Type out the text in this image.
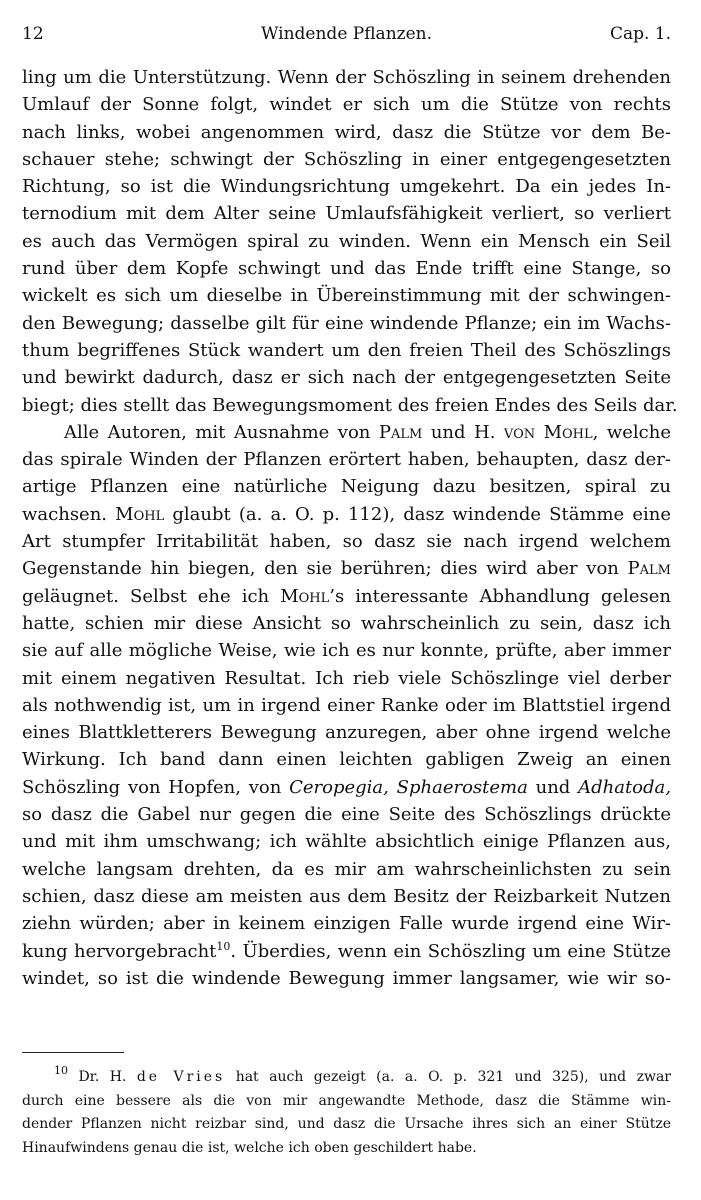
12	Windende Pflanzen.	Cap. 1.
ling um die Unterstützung. Wenn der Schöszling in seinem drehenden
Umlauf der Sonne folgt, windet er sich um die Stütze von rechts
nach links, wobei angenommen wird, dasz die Stütze vor dem Be-
schauer stehe; schwingt der Schöszling in einer entgegengesetzten
Richtung, so ist die Windungsrichtung umgekehrt. Da ein jedes In-
ternodium mit dem Alter seine Umlaufsfähigkeit verliert, so verliert
es auch das Vermögen spiral zu winden. Wenn ein Mensch ein Seil
rund über dem Kopfe schwingt und das Ende trifft eine Stange, so
wickelt es sich um dieselbe in Übereinstimmung mit der schwingen-
den Bewegung; dasselbe gilt für eine windende Pflanze; ein im Wachs-
thum begriffenes Stück wandert um den freien Theil des Schöszlings
und bewirkt dadurch, dasz er sich nach der entgegengesetzten Seite
biegt; dies stellt das Bewegungsmoment des freien Endes des Seils dar.
Alle Autoren, mit Ausnahme von Palm und H. von Mohl, welche
das spirale Winden der Pflanzen erörtert haben, behaupten, dasz der-
artige Pflanzen eine natürliche Neigung dazu besitzen, spiral zu
wachsen. Mohl glaubt (a. a. O. p. 112), dasz windende Stämme eine
Art stumpfer Irritabilität haben, so dasz sie nach irgend welchem
Gegenstande hin biegen, den sie berühren; dies wird aber von Palm
geläugnet. Selbst ehe ich Mohl’s interessante Abhandlung gelesen
hatte, schien mir diese Ansicht so wahrscheinlich zu sein, dasz ich
sie auf alle mögliche Weise, wie ich es nur konnte, prüfte, aber immer
mit einem negativen Resultat. Ich rieb viele Schöszlinge viel derber
als nothwendig ist, um in irgend einer Ranke oder im Blattstiel irgend
eines Blattkletterers Bewegung anzuregen, aber ohne irgend welche
Wirkung. Ich band dann einen leichten gabligen Zweig an einen
Schöszling von Hopfen, von Ceropegia, Sphaerostema und Adhatoda,
so dasz die Gabel nur gegen die eine Seite des Schöszlings drückte
und mit ihm umschwang; ich wählte absichtlich einige Pflanzen aus,
welche langsam drehten, da es mir am wahrscheinlichsten zu sein
schien, dasz diese am meisten aus dem Besitz der Reizbarkeit Nutzen
ziehn würden; aber in keinem einzigen Falle wurde irgend eine Wir-
kung hervorgebracht$^{10}$. Überdies, wenn ein Schöszling um eine Stütze
windet, so ist die windende Bewegung immer langsamer, wie wir so-
$^{10}$ Dr. H. de Vries hat auch gezeigt (a. a. O. p. 321 und 325), und zwar
durch eine bessere als die von mir angewandte Methode, dasz die Stämme win-
dender Pflanzen nicht reizbar sind, und dasz die Ursache ihres sich an einer Stütze
Hinaufwindens genau die ist, welche ich oben geschildert habe.
